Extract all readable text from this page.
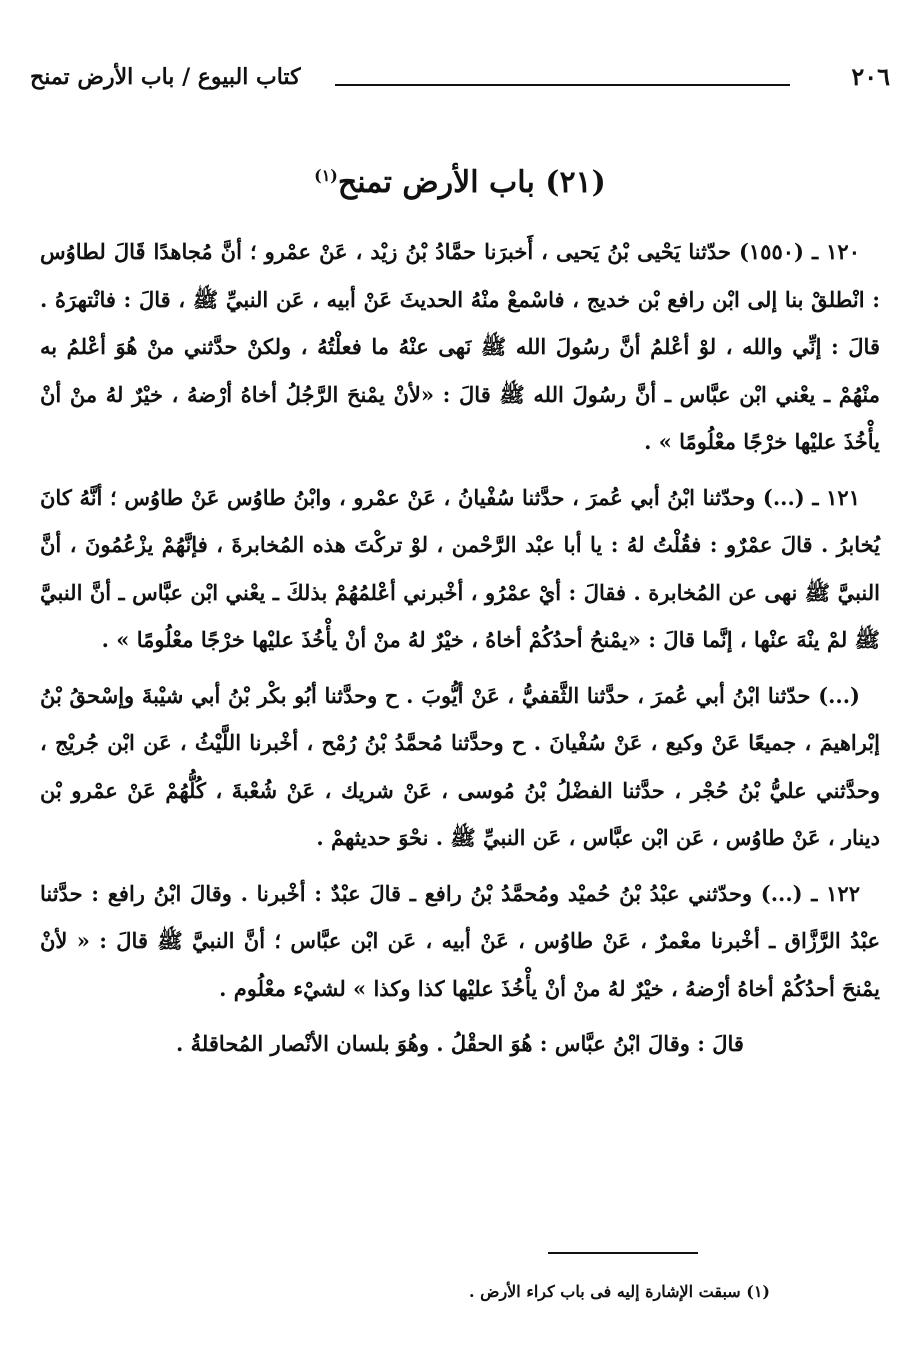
٢٠٦
كتاب البيوع / باب الأرض تمنح
(٢١) باب الأرض تمنح$^{(١)}$

١٢٠ ـ (١٥٥٠) حدّثنا يَحْيى بْنُ يَحيى ، أَخبرَنا حمَّادُ بْنُ زيْد ، عَنْ عمْرو ؛ أنَّ مُجاهدًا قَالَ لطاوُس : انْطلقْ بنا إلى ابْن رافع بْن خديج ، فاسْمعْ منْهُ الحديثَ عَنْ أبيه ، عَن النبيِّ ﷺ ، قالَ : فانْتهرَهُ . قالَ : إنِّي والله ، لوْ أعْلمُ أنَّ رسُولَ الله ﷺ نَهى عنْهُ ما فعلْتُهُ ، ولكنْ حدَّثني منْ هُوَ أعْلمُ به منْهُمْ ـ يعْني ابْن عبَّاس ـ أنَّ رسُولَ الله ﷺ قالَ : «لأنْ يمْنحَ الرَّجُلُ أخاهُ أرْضهُ ، خيْرٌ لهُ منْ أنْ يأْخُذَ عليْها خرْجًا معْلُومًا » .

١٢١ ـ (...) وحدّثنا ابْنُ أبي عُمرَ ، حدَّثنا سُفْيانُ ، عَنْ عمْرو ، وابْنُ طاوُس عَنْ طاوُس ؛ أنَّهُ كانَ يُخابرُ . قالَ عمْرٌو : فقُلْتُ لهُ : يا أبا عبْد الرَّحْمن ، لوْ تركْتَ هذه المُخابرةَ ، فإنَّهُمْ يزْعُمُونَ ، أنَّ النبيَّ ﷺ نهى عن المُخابرة . فقالَ : أيْ عمْرُو ، أخْبرني أعْلمُهُمْ بذلكَ ـ يعْني ابْن عبَّاس ـ أنَّ النبيَّ ﷺ لمْ ينْهَ عنْها ، إنَّما قالَ : «يمْنحُ أحدُكُمْ أخاهُ ، خيْرٌ لهُ منْ أنْ يأْخُذَ عليْها خرْجًا معْلُومًا » .

(...) حدّثنا ابْنُ أبي عُمرَ ، حدَّثنا الثَّقفيُّ ، عَنْ أيُّوبَ . ح وحدَّثنا أبُو بكْر بْنُ أبي شيْبةَ وإسْحقُ بْنُ إبْراهيمَ ، جميعًا عَنْ وكيع ، عَنْ سُفْيانَ . ح وحدَّثنا مُحمَّدُ بْنُ رُمْح ، أخْبرنا اللَّيْثُ ، عَن ابْن جُريْج ، وحدَّثني عليُّ بْنُ حُجْر ، حدَّثنا الفضْلُ بْنُ مُوسى ، عَنْ شريك ، عَنْ شُعْبةَ ، كُلُّهُمْ عَنْ عمْرو بْن دينار ، عَنْ طاوُس ، عَن ابْن عبَّاس ، عَن النبيِّ ﷺ . نحْوَ حديثهمْ .

١٢٢ ـ (...) وحدّثني عبْدُ بْنُ حُميْد ومُحمَّدُ بْنُ رافع ـ قالَ عبْدٌ : أخْبرنا . وقالَ ابْنُ رافع : حدَّثنا عبْدُ الرَّزَّاق ـ أخْبرنا معْمرٌ ، عَنْ طاوُس ، عَنْ أبيه ، عَن ابْن عبَّاس ؛ أنَّ النبيَّ ﷺ قالَ : « لأنْ يمْنحَ أحدُكُمْ أخاهُ أرْضهُ ، خيْرٌ لهُ منْ أنْ يأْخُذَ عليْها كذا وكذا » لشيْء معْلُوم .

قالَ : وقالَ ابْنُ عبَّاس : هُوَ الحقْلُ . وهُوَ بلسان الأنْصار المُحاقلةُ .

(١) سبقت الإشارة إليه فى باب كراء الأرض .
